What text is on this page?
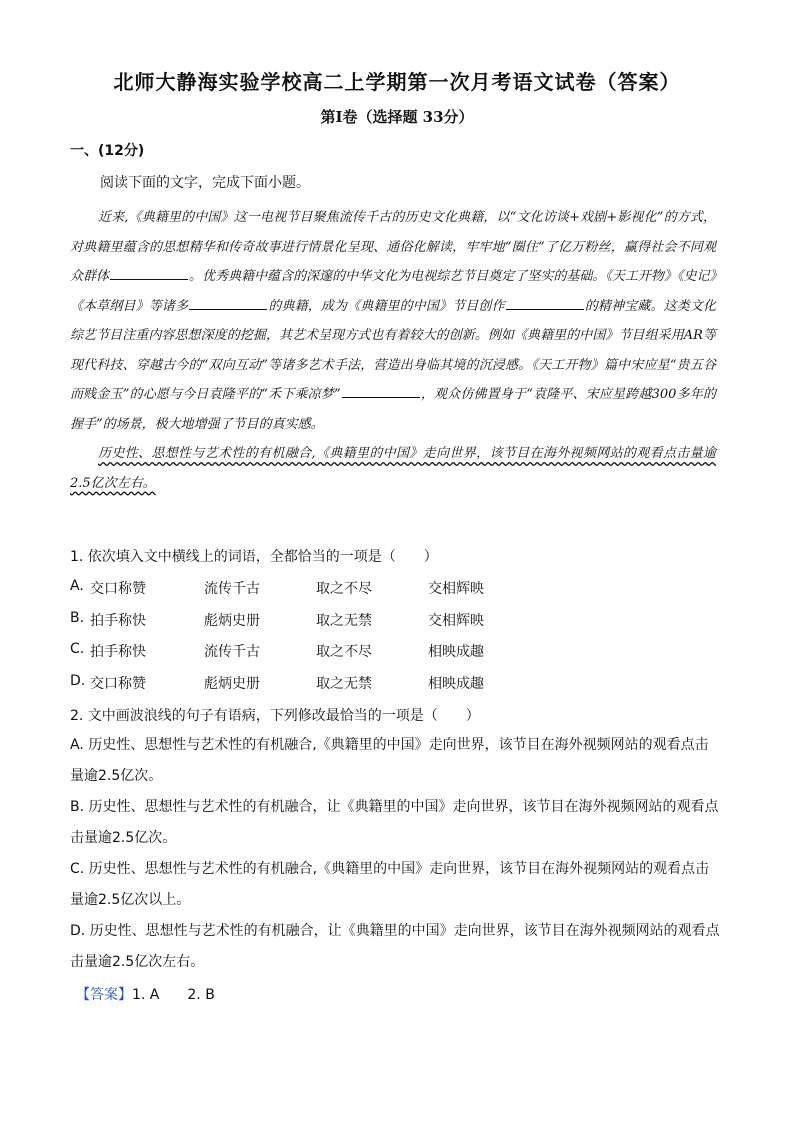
北师大静海实验学校高二上学期第一次月考语文试卷（答案）
第Ⅰ卷（选择题 33分）
一、(12分)
阅读下面的文字，完成下面小题。

近来,《典籍里的中国》这一电视节目聚焦流传千古的历史文化典籍，以“文化访谈+戏剧+影视化”的方式，对典籍里蕴含的思想精华和传奇故事进行情景化呈现、通俗化解读，牢牢地“圈住”了亿万粉丝，赢得社会不同观众群体	。优秀典籍中蕴含的深邃的中华文化为电视综艺节目奠定了坚实的基础。《天工开物》《史记》《本草纲目》等诸多	的典籍，成为《典籍里的中国》节目创作	的精神宝藏。这类文化综艺节目注重内容思想深度的挖掘，其艺术呈现方式也有着较大的创新。例如《典籍里的中国》节目组采用AR等现代科技、穿越古今的“双向互动”等诸多艺术手法，营造出身临其境的沉浸感。《天工开物》篇中宋应星“贵五谷而贱金玉”的心愿与今日袁隆平的“禾下乘凉梦”	，观众仿佛置身于“袁隆平、宋应星跨越300多年的握手”的场景，极大地增强了节目的真实感。

历史性、思想性与艺术性的有机融合,《典籍里的中国》走向世界，该节目在海外视频网站的观看点击量逾2.5亿次左右。

1. 依次填入文中横线上的词语，全都恰当的一项是（　　）
A. 交口称赞	流传千古	取之不尽	交相辉映
B. 拍手称快	彪炳史册	取之无禁	交相辉映
C. 拍手称快	流传千古	取之不尽	相映成趣
D. 交口称赞	彪炳史册	取之无禁	相映成趣
2. 文中画波浪线的句子有语病，下列修改最恰当的一项是（　　）
A. 历史性、思想性与艺术性的有机融合,《典籍里的中国》走向世界，该节目在海外视频网站的观看点击量逾2.5亿次。
B. 历史性、思想性与艺术性的有机融合，让《典籍里的中国》走向世界，该节目在海外视频网站的观看点击量逾2.5亿次。
C. 历史性、思想性与艺术性的有机融合,《典籍里的中国》走向世界，该节目在海外视频网站的观看点击量逾2.5亿次以上。
D. 历史性、思想性与艺术性的有机融合，让《典籍里的中国》走向世界，该节目在海外视频网站的观看点击量逾2.5亿次左右。
【答案】1. A　　2. B
